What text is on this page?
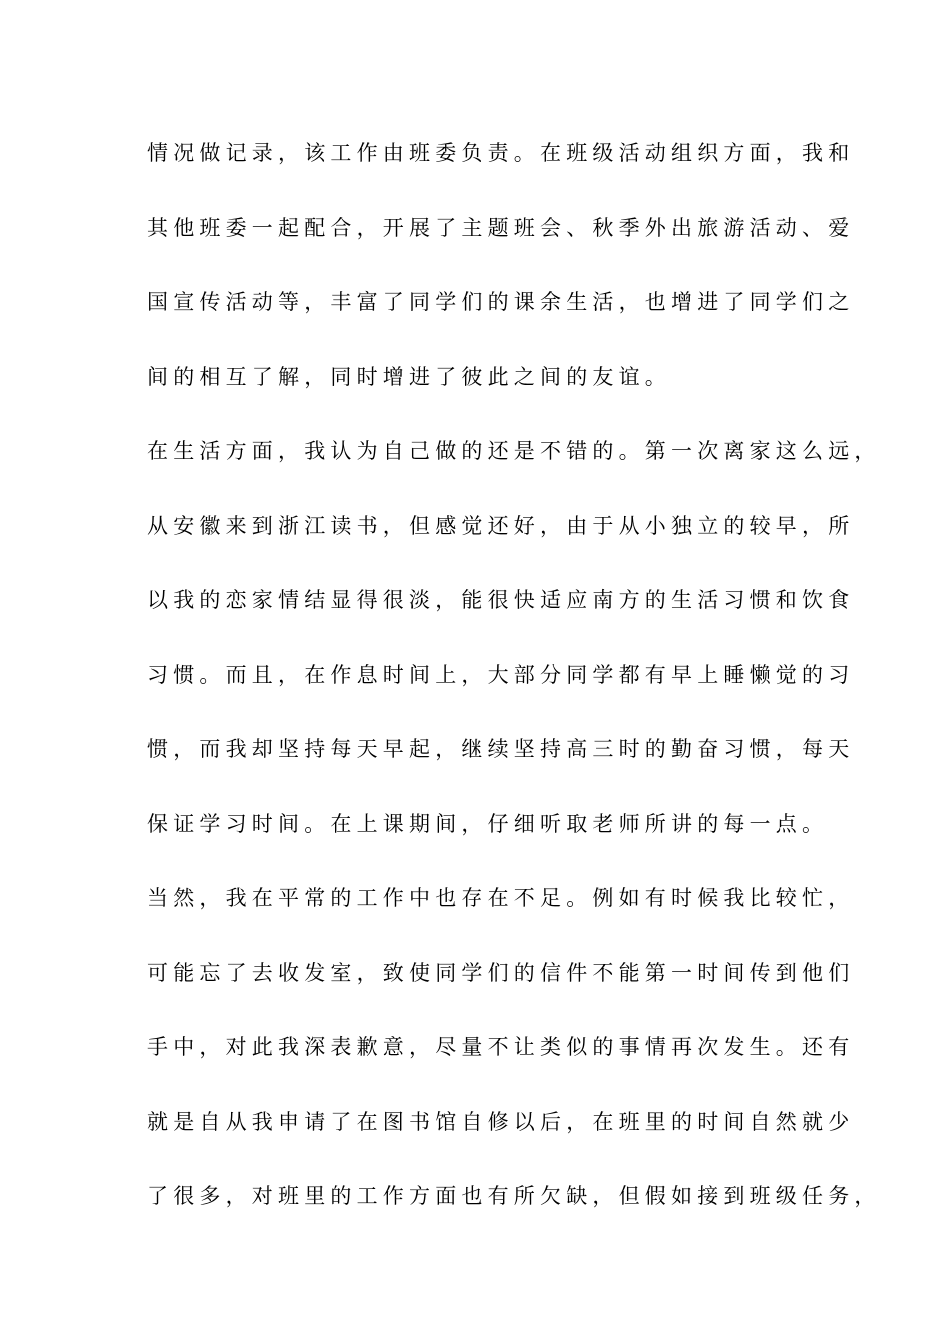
情况做记录，该工作由班委负责。在班级活动组织方面，我和
其他班委一起配合，开展了主题班会、秋季外出旅游活动、爱
国宣传活动等，丰富了同学们的课余生活，也增进了同学们之
间的相互了解，同时增进了彼此之间的友谊。
在生活方面，我认为自己做的还是不错的。第一次离家这么远，
从安徽来到浙江读书，但感觉还好，由于从小独立的较早，所
以我的恋家情结显得很淡，能很快适应南方的生活习惯和饮食
习惯。而且，在作息时间上，大部分同学都有早上睡懒觉的习
惯，而我却坚持每天早起，继续坚持高三时的勤奋习惯，每天
保证学习时间。在上课期间，仔细听取老师所讲的每一点。
当然，我在平常的工作中也存在不足。例如有时候我比较忙，
可能忘了去收发室，致使同学们的信件不能第一时间传到他们
手中，对此我深表歉意，尽量不让类似的事情再次发生。还有
就是自从我申请了在图书馆自修以后，在班里的时间自然就少
了很多，对班里的工作方面也有所欠缺，但假如接到班级任务，
